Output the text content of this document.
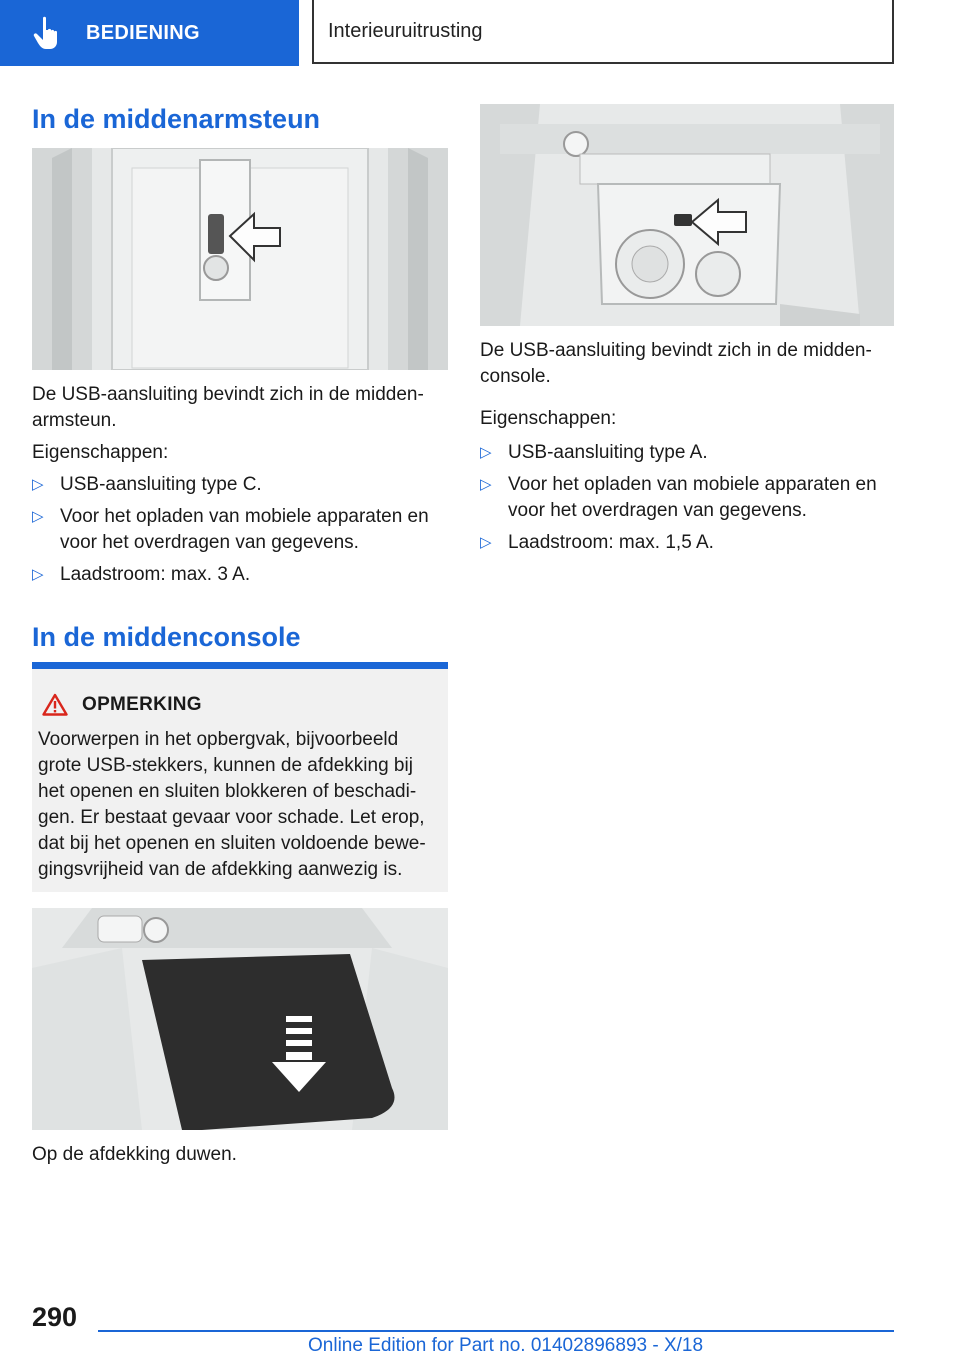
BEDIENING	Interieuruitrusting
In de middenarmsteun

De USB-aansluiting bevindt zich in de midden-armsteun.

Eigenschappen:

▷ USB-aansluiting type C.
▷ Voor het opladen van mobiele apparaten en voor het overdragen van gegevens.
▷ Laadstroom: max. 3 A.
In de middenconsole
OPMERKING
Voorwerpen in het opbergvak, bijvoorbeeld grote USB-stekkers, kunnen de afdekking bij het openen en sluiten blokkeren of beschadi-gen. Er bestaat gevaar voor schade. Let erop, dat bij het openen en sluiten voldoende bewe-gingsvrijheid van de afdekking aanwezig is.

Op de afdekking duwen.

De USB-aansluiting bevindt zich in de midden-console.

Eigenschappen:

▷ USB-aansluiting type A.
▷ Voor het opladen van mobiele apparaten en voor het overdragen van gegevens.
▷ Laadstroom: max. 1,5 A.
290
Online Edition for Part no. 01402896893 - X/18
